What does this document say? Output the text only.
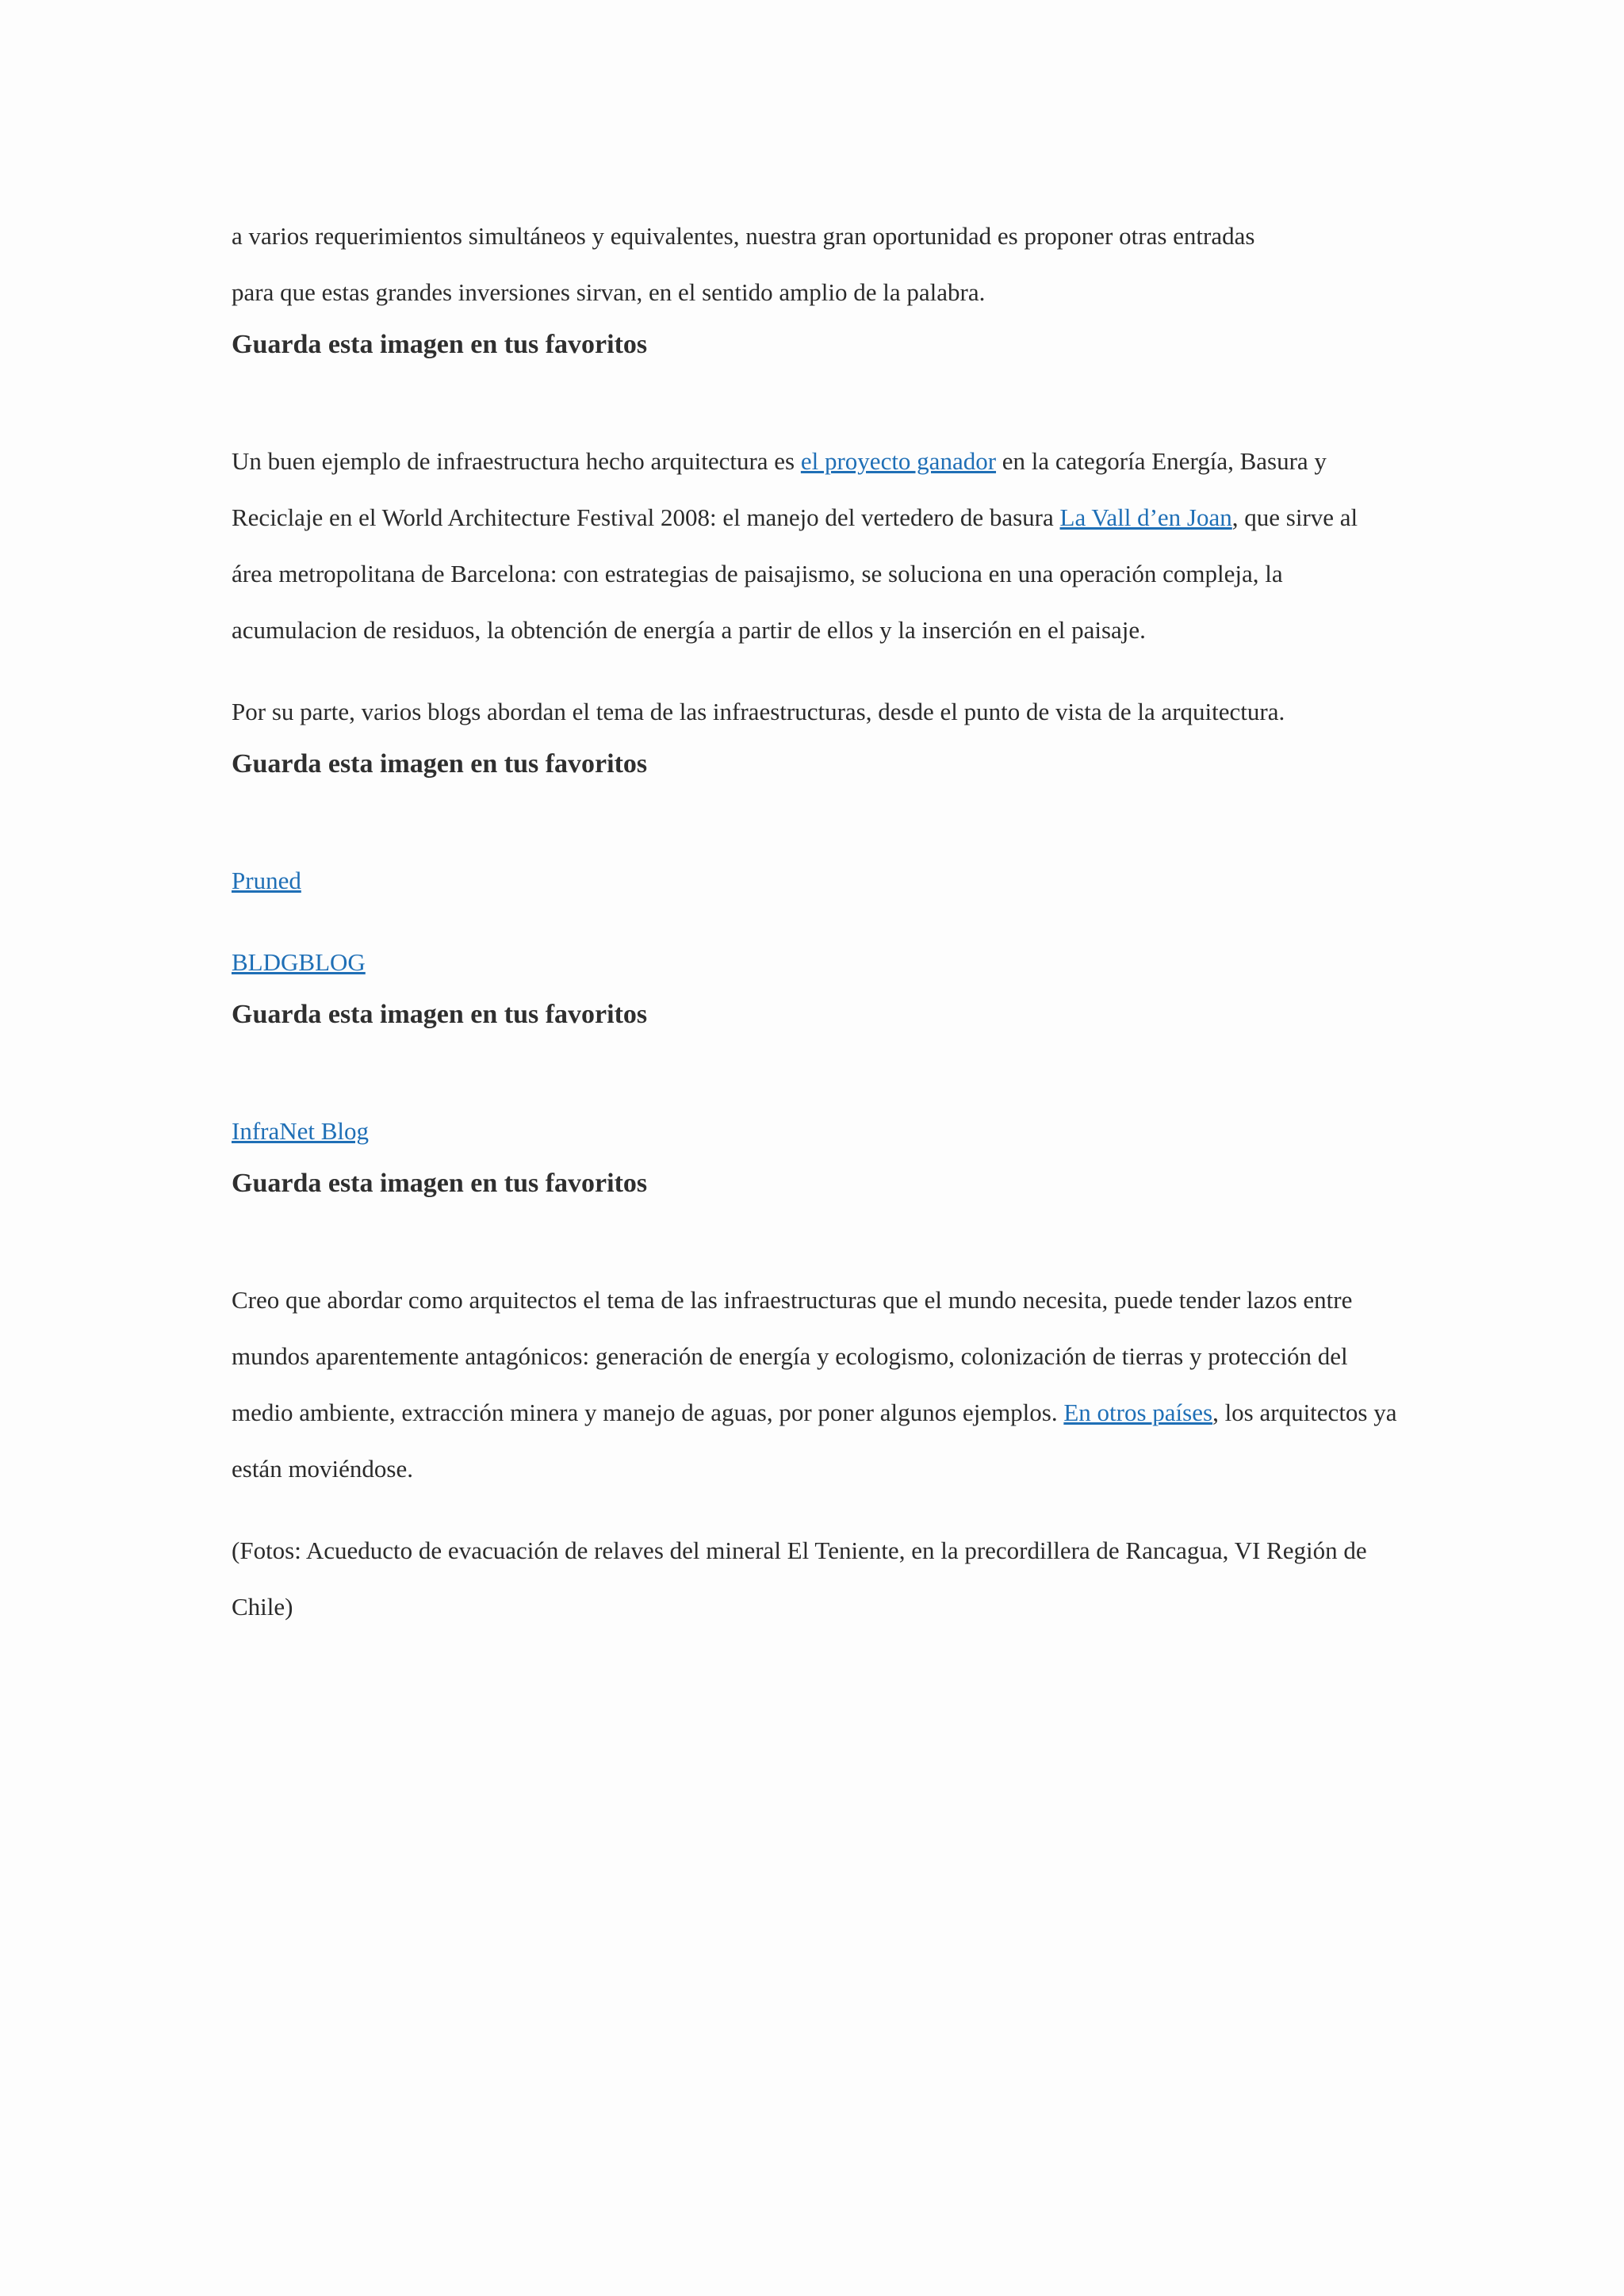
a varios requerimientos simultáneos y equivalentes, nuestra gran oportunidad es proponer otras entradas
para que estas grandes inversiones sirvan, en el sentido amplio de la palabra.

Guarda esta imagen en tus favoritos

Un buen ejemplo de infraestructura hecho arquitectura es el proyecto ganador en la categoría Energía, Basura y Reciclaje en el World Architecture Festival 2008: el manejo del vertedero de basura La Vall d’en Joan, que sirve al área metropolitana de Barcelona: con estrategias de paisajismo, se soluciona en una operación compleja, la acumulacion de residuos, la obtención de energía a partir de ellos y la inserción en el paisaje.

Por su parte, varios blogs abordan el tema de las infraestructuras, desde el punto de vista de la arquitectura.

Guarda esta imagen en tus favoritos

Pruned

BLDGBLOG

Guarda esta imagen en tus favoritos

InfraNet Blog

Guarda esta imagen en tus favoritos

Creo que abordar como arquitectos el tema de las infraestructuras que el mundo necesita, puede tender lazos entre mundos aparentemente antagónicos: generación de energía y ecologismo, colonización de tierras y protección del medio ambiente, extracción minera y manejo de aguas, por poner algunos ejemplos. En otros países, los arquitectos ya están moviéndose.

(Fotos: Acueducto de evacuación de relaves del mineral El Teniente, en la precordillera de Rancagua, VI Región de Chile)
